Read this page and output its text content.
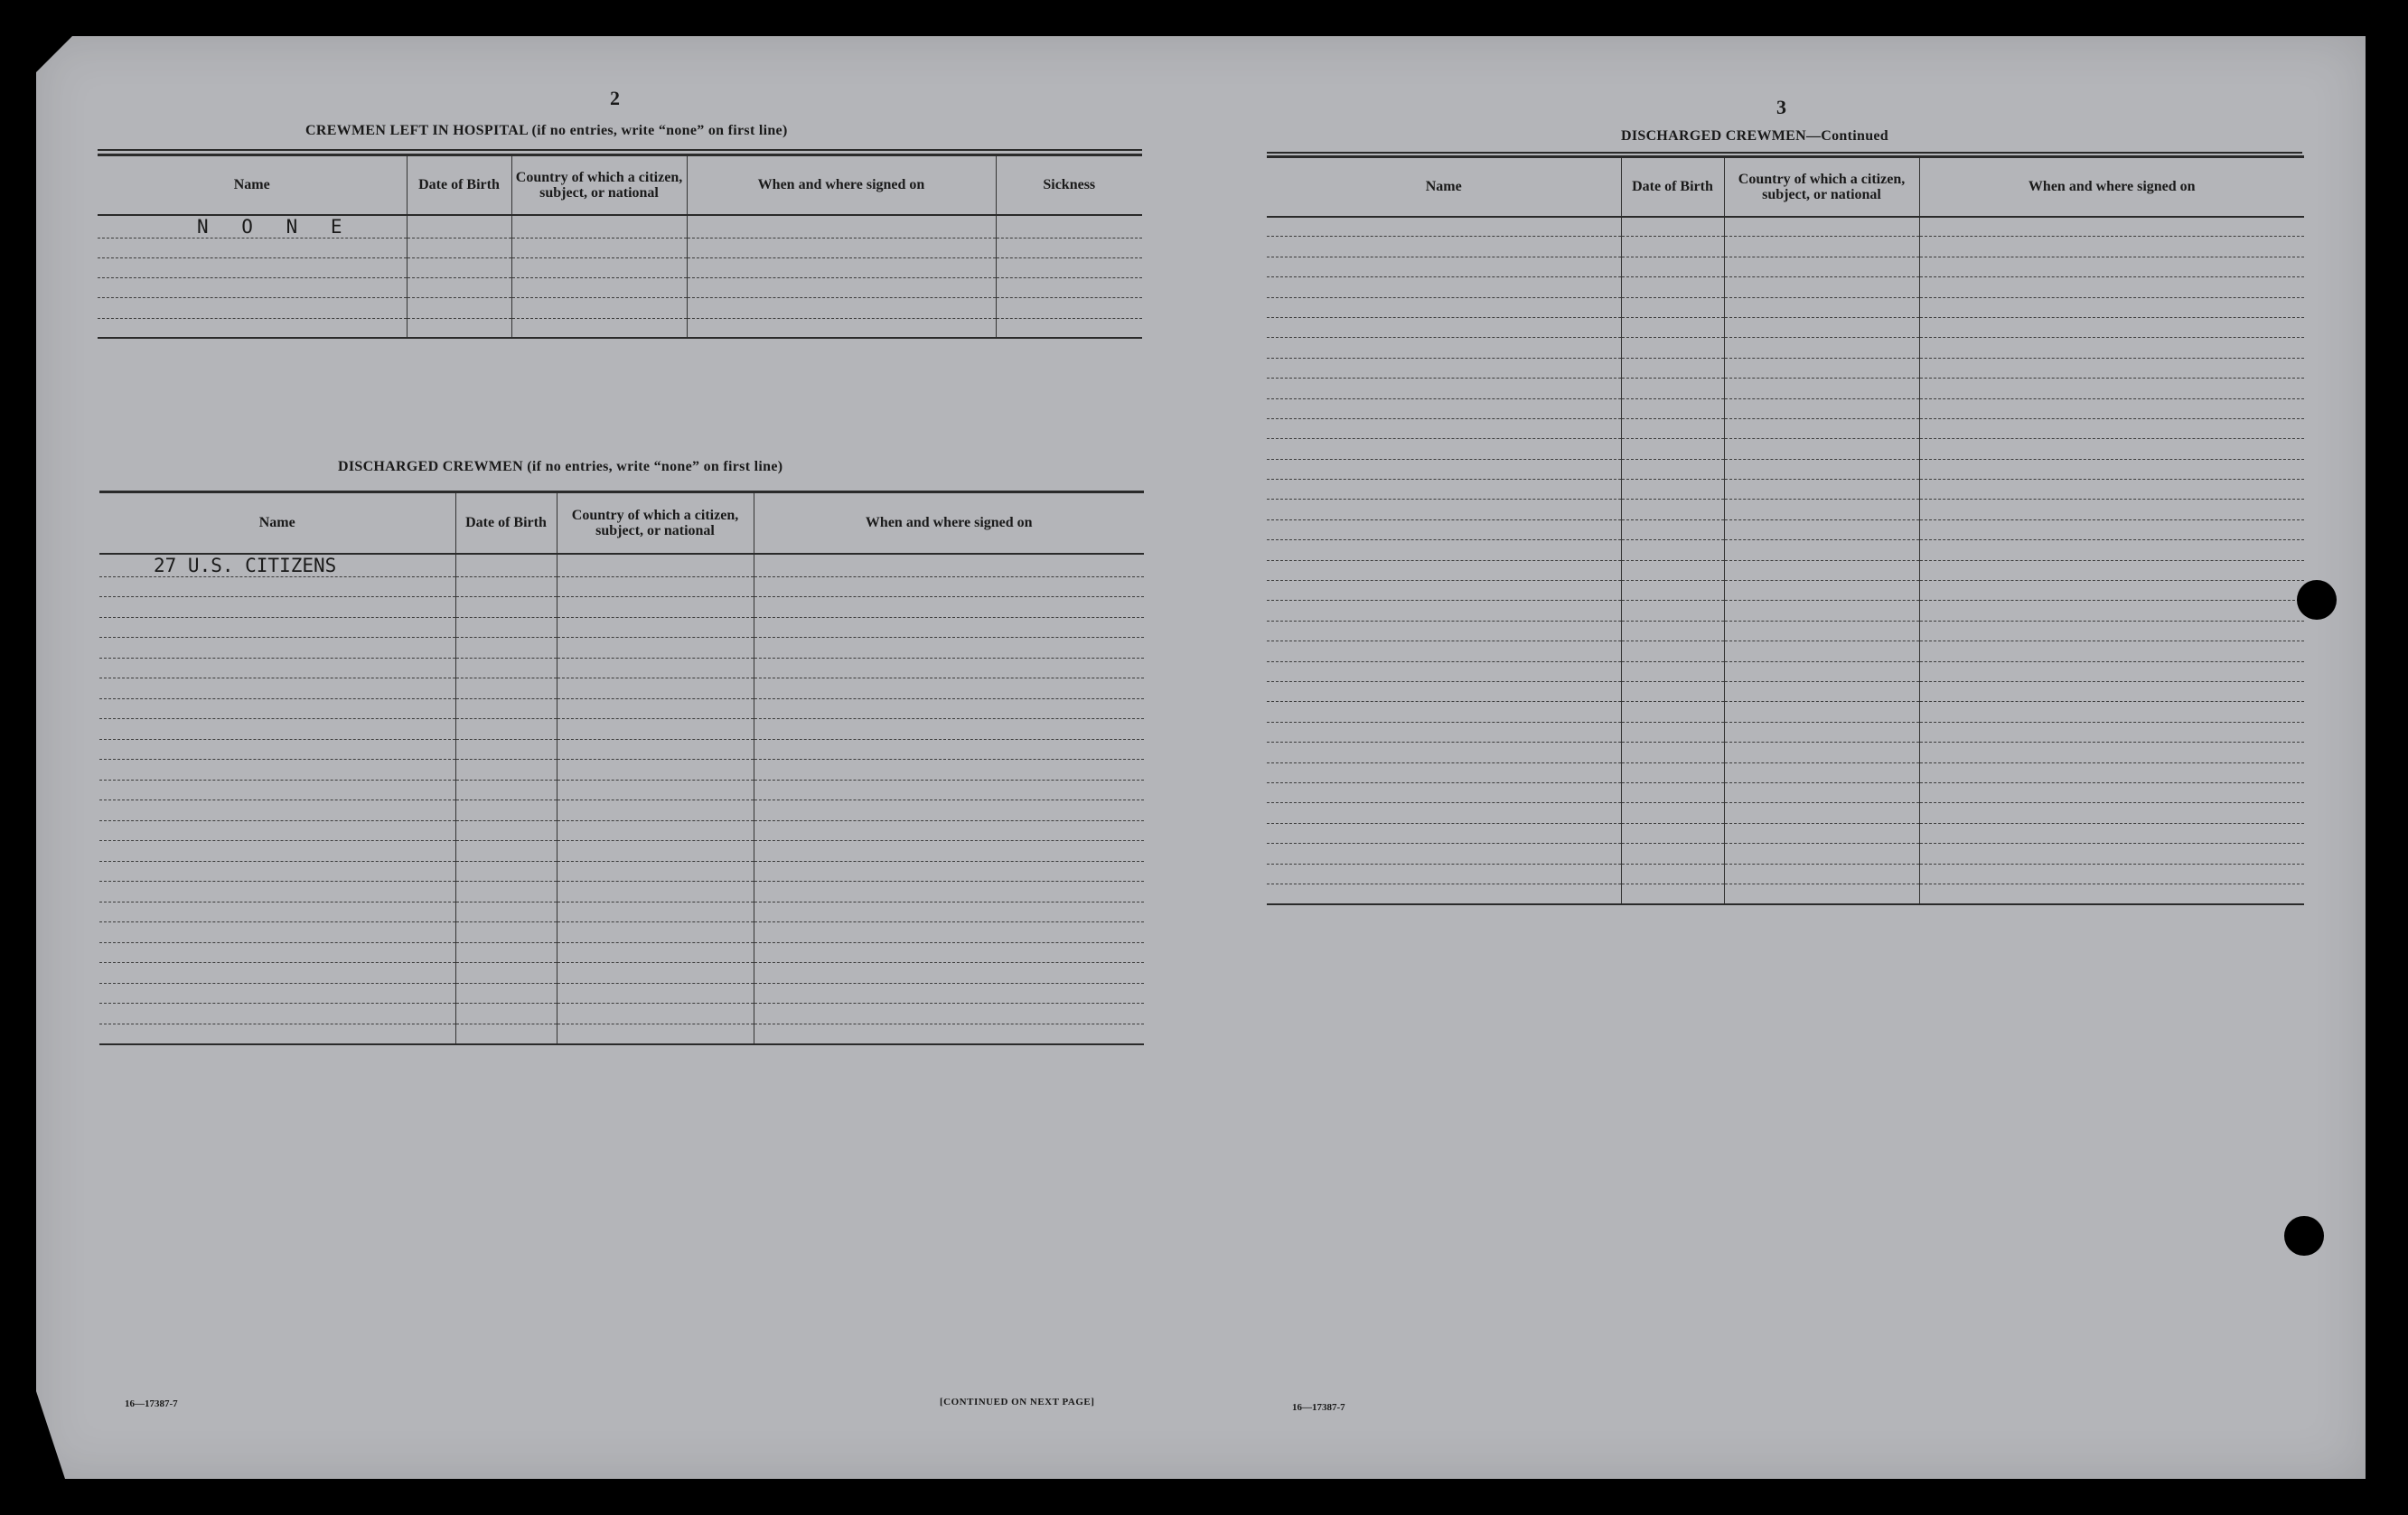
2
CREWMEN LEFT IN HOSPITAL (if no entries, write “none” on first line)
Name	Date of Birth	Country of which a citizen, subject, or national	When and where signed on	Sickness
N O N E				

DISCHARGED CREWMEN (if no entries, write “none” on first line)
Name	Date of Birth	Country of which a citizen, subject, or national	When and where signed on
27 U.S. CITIZENS			

16—17387-7	[CONTINUED ON NEXT PAGE]
3
DISCHARGED CREWMEN—Continued
Name	Date of Birth	Country of which a citizen, subject, or national	When and where signed on

16—17387-7
